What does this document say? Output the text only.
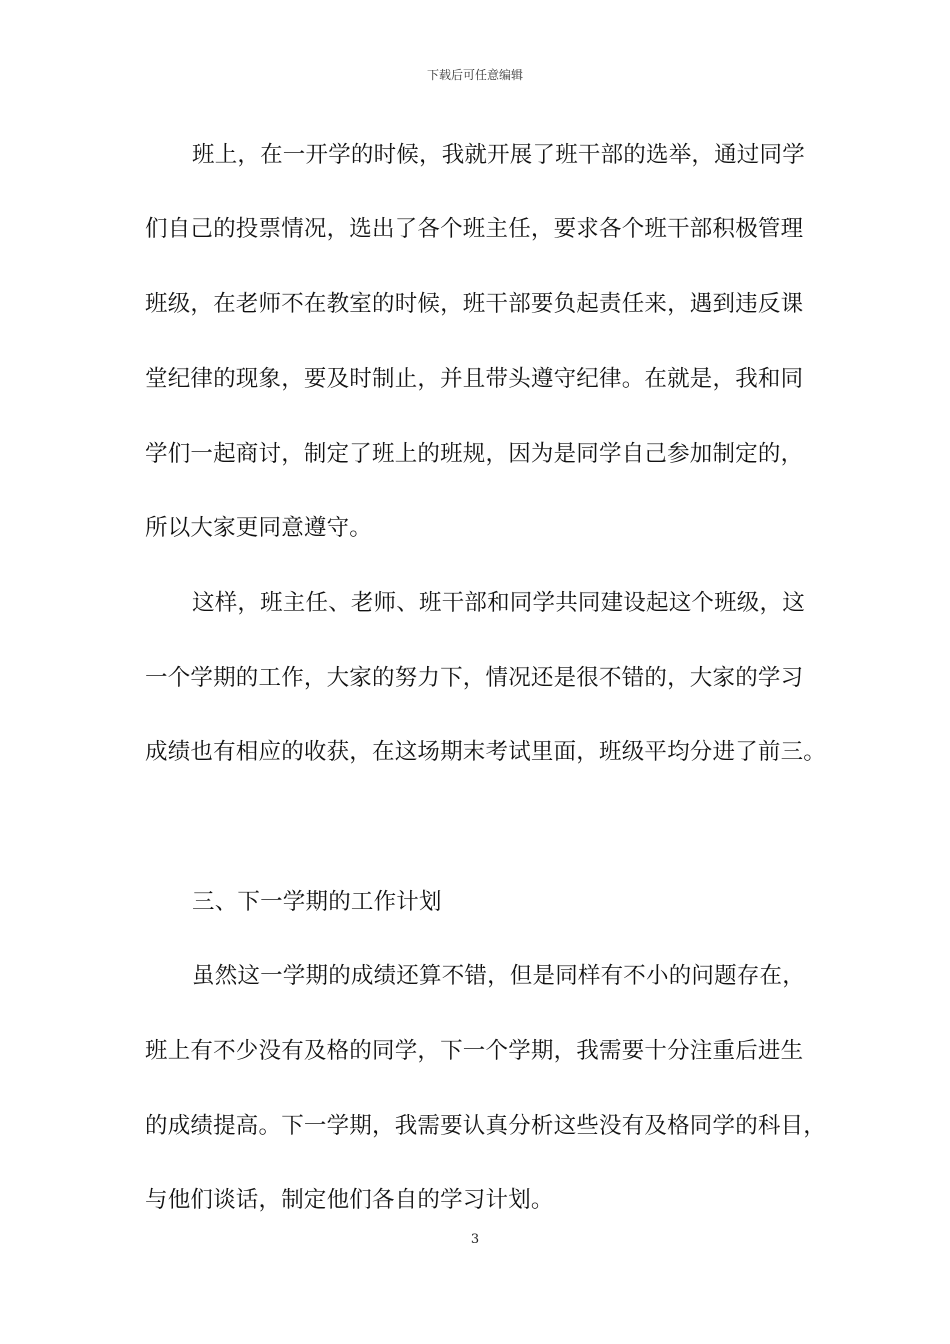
下载后可任意编辑
班上，在一开学的时候，我就开展了班干部的选举，通过同学
们自己的投票情况，选出了各个班主任，要求各个班干部积极管理
班级，在老师不在教室的时候，班干部要负起责任来，遇到违反课
堂纪律的现象，要及时制止，并且带头遵守纪律。在就是，我和同
学们一起商讨，制定了班上的班规，因为是同学自己参加制定的，
所以大家更同意遵守。
这样，班主任、老师、班干部和同学共同建设起这个班级，这
一个学期的工作，大家的努力下，情况还是很不错的，大家的学习
成绩也有相应的收获，在这场期末考试里面，班级平均分进了前三。
三、下一学期的工作计划
虽然这一学期的成绩还算不错，但是同样有不小的问题存在，
班上有不少没有及格的同学，下一个学期，我需要十分注重后进生
的成绩提高。下一学期，我需要认真分析这些没有及格同学的科目，
与他们谈话，制定他们各自的学习计划。
3
